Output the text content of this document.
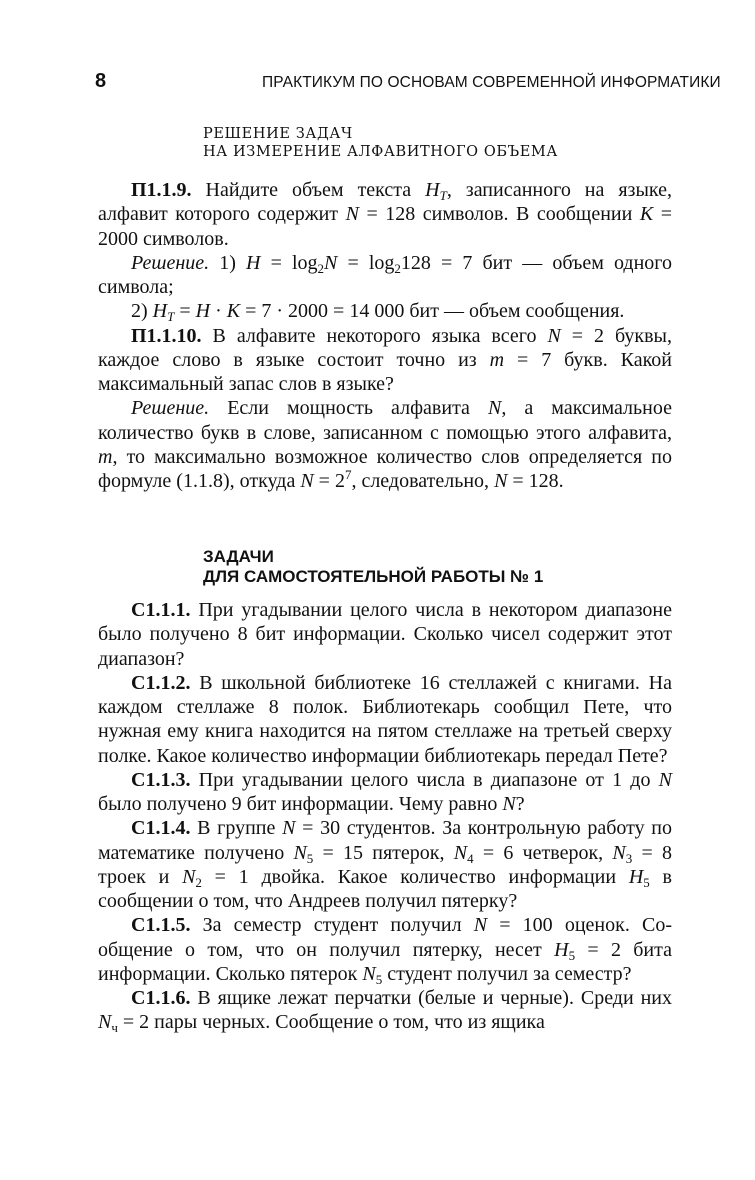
8	ПРАКТИКУМ ПО ОСНОВАМ СОВРЕМЕННОЙ ИНФОРМАТИКИ
РЕШЕНИЕ ЗАДАЧ
НА ИЗМЕРЕНИЕ АЛФАВИТНОГО ОБЪЕМА

П1.1.9. Найдите объем текста $H_T$, записанного на языке, алфавит которого содержит N = 128 символов. В сообщении K = 2000 символов.

Решение. 1) $H = \log_2N = \log_2128 = 7$ бит — объем одного символа;

2) $H_T = H \cdot K = 7 \cdot 2000 = 14$ 000 бит — объем сообщения.

П1.1.10. В алфавите некоторого языка всего N = 2 буквы, каждое слово в языке состоит точно из m = 7 букв. Какой максимальный запас слов в языке?

Решение. Если мощность алфавита N, а максимальное количество букв в слове, записанном с помощью этого алфавита, m, то максимально возможное количество слов определяется по формуле (1.1.8), откуда $N = 2^7$, следовательно, N = 128.

ЗАДАЧИ
ДЛЯ САМОСТОЯТЕЛЬНОЙ РАБОТЫ № 1

С1.1.1. При угадывании целого числа в некотором диапазоне было получено 8 бит информации. Сколько чисел содержит этот диапазон?

С1.1.2. В школьной библиотеке 16 стеллажей с книгами. На каждом стеллаже 8 полок. Библиотекарь сообщил Пете, что нужная ему книга находится на пятом стеллаже на третьей сверху полке. Какое количество информации библиотекарь передал Пете?

С1.1.3. При угадывании целого числа в диапазоне от 1 до N было получено 9 бит информации. Чему равно N?

С1.1.4. В группе N = 30 студентов. За контрольную работу по математике получено $N_5 = 15$ пятерок, $N_4 = 6$ четверок, $N_3 = 8$ троек и $N_2 = 1$ двойка. Какое количество информации $H_5$ в сообщении о том, что Андреев получил пятерку?

С1.1.5. За семестр студент получил N = 100 оценок. Сообщение о том, что он получил пятерку, несет $H_5 = 2$ бита информации. Сколько пятерок $N_5$ студент получил за семестр?

С1.1.6. В ящике лежат перчатки (белые и черные). Среди них $N_ч = 2$ пары черных. Сообщение о том, что из ящика
